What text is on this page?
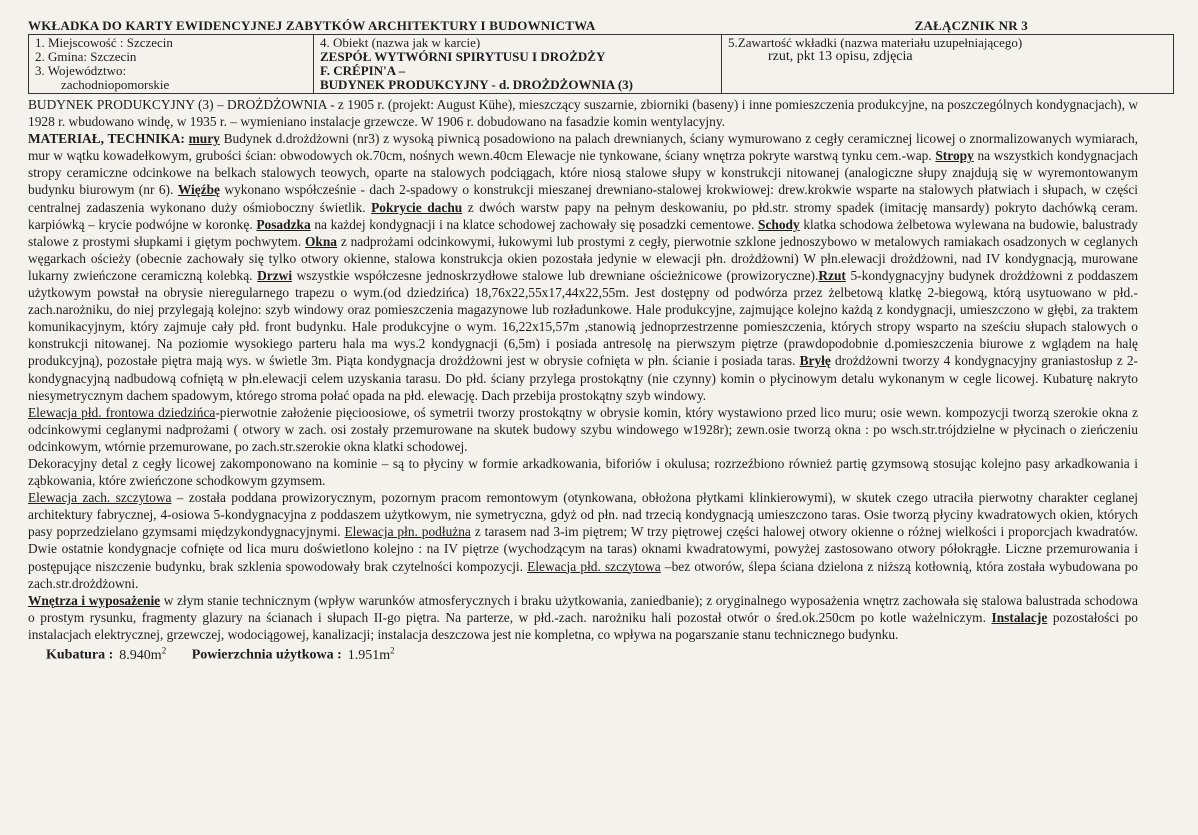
WKŁADKA DO KARTY EWIDENCYJNEJ ZABYTKÓW ARCHITEKTURY I BUDOWNICTWA	ZAŁĄCZNIK NR 3
1. Miejscowość : Szczecin
2. Gmina: Szczecin
3. Województwo:
zachodniopomorskie

4. Obiekt (nazwa jak w karcie)
ZESPÓŁ WYTWÓRNI SPIRYTUSU I DROŻDŻY
F. CRÉPIN'A –
BUDYNEK PRODUKCYJNY - d. DROŻDŻOWNIA (3)

5.Zawartość wkładki (nazwa materiału uzupełniającego)
rzut, pkt 13 opisu, zdjęcia

BUDYNEK PRODUKCYJNY (3) – DROŻDŻOWNIA - z 1905 r. (projekt: August Kühe), mieszczący suszarnie, zbiorniki (baseny) i inne pomieszczenia produkcyjne, na poszczególnych kondygnacjach), w 1928 r. wbudowano windę, w 1935 r. – wymieniano instalacje grzewcze. W 1906 r. dobudowano na fasadzie komin wentylacyjny.

MATERIAŁ, TECHNIKA: mury Budynek d.drożdżowni (nr3) z wysoką piwnicą posadowiono na palach drewnianych, ściany wymurowano z cegły ceramicznej licowej o znormalizowanych wymiarach, mur w wątku kowadełkowym, grubości ścian: obwodowych ok.70cm, nośnych wewn.40cm Elewacje nie tynkowane, ściany wnętrza pokryte warstwą tynku cem.-wap. Stropy na wszystkich kondygnacjach stropy ceramiczne odcinkowe na belkach stalowych teowych, oparte na stalowych podciągach, które niosą stalowe słupy w konstrukcji nitowanej (analogiczne słupy znajdują się w wyremontowanym budynku biurowym (nr 6). Więźbę wykonano współcześnie - dach 2-spadowy o konstrukcji mieszanej drewniano-stalowej krokwiowej: drew.krokwie wsparte na stalowych płatwiach i słupach, w części centralnej zadaszenia wykonano duży ośmioboczny świetlik. Pokrycie dachu z dwóch warstw papy na pełnym deskowaniu, po płd.str. stromy spadek (imitację mansardy) pokryto dachówką ceram. karpiówką – krycie podwójne w koronkę. Posadzka na każdej kondygnacji i na klatce schodowej zachowały się posadzki cementowe. Schody klatka schodowa żelbetowa wylewana na budowie, balustrady stalowe z prostymi słupkami i giętym pochwytem. Okna z nadprożami odcinkowymi, łukowymi lub prostymi z cegły, pierwotnie szklone jednoszybowo w metalowych ramiakach osadzonych w ceglanych węgarkach ościeży (obecnie zachowały się tylko otwory okienne, stalowa konstrukcja okien pozostała jedynie w elewacji płn. drożdżowni) W płn.elewacji drożdżowni, nad IV kondygnacją, murowane lukarny zwieńczone ceramiczną kolebką. Drzwi wszystkie współczesne jednoskrzydłowe stalowe lub drewniane ościeżnicowe (prowizoryczne).Rzut 5-kondygnacyjny budynek drożdżowni z poddaszem użytkowym powstał na obrysie nieregularnego trapezu o wym.(od dziedzińca) 18,76x22,55x17,44x22,55m. Jest dostępny od podwórza przez żelbetową klatkę 2-biegową, którą usytuowano w płd.-zach.narożniku, do niej przylegają kolejno: szyb windowy oraz pomieszczenia magazynowe lub rozładunkowe. Hale produkcyjne, zajmujące kolejno każdą z kondygnacji, umieszczono w głębi, za traktem komunikacyjnym, który zajmuje cały płd. front budynku. Hale produkcyjne o wym. 16,22x15,57m ,stanowią jednoprzestrzenne pomieszczenia, których stropy wsparto na sześciu słupach stalowych o konstrukcji nitowanej. Na poziomie wysokiego parteru hala ma wys.2 kondygnacji (6,5m) i posiada antresolę na pierwszym piętrze (prawdopodobnie d.pomieszczenia biurowe z wglądem na halę produkcyjną), pozostałe piętra mają wys. w świetle 3m. Piąta kondygnacja drożdżowni jest w obrysie cofnięta w płn. ścianie i posiada taras. Bryłę drożdżowni tworzy 4 kondygnacyjny graniastosłup z 2-kondygnacyjną nadbudową cofniętą w płn.elewacji celem uzyskania tarasu. Do płd. ściany przylega prostokątny (nie czynny) komin o płycinowym detalu wykonanym w cegle licowej. Kubaturę nakryto niesymetrycznym dachem spadowym, którego stroma połać opada na płd. elewację. Dach przebija prostokątny szyb windowy.

Elewacja płd. frontowa dziedzińca-pierwotnie założenie pięcioosiowe, oś symetrii tworzy prostokątny w obrysie komin, który wystawiono przed lico muru; osie wewn. kompozycji tworzą szerokie okna z odcinkowymi ceglanymi nadprożami ( otwory w zach. osi zostały przemurowane na skutek budowy szybu windowego w1928r); zewn.osie tworzą okna : po wsch.str.trójdzielne w płycinach o zieńczeniu odcinkowym, wtórnie przemurowane, po zach.str.szerokie okna klatki schodowej.

Dekoracyjny detal z cegły licowej zakomponowano na kominie – są to płyciny w formie arkadkowania, biforiów i okulusa; rozrzeźbiono również partię gzymsową stosując kolejno pasy arkadkowania i ząbkowania, które zwieńczone schodkowym gzymsem.

Elewacja zach. szczytowa – została poddana prowizorycznym, pozornym pracom remontowym (otynkowana, obłożona płytkami klinkierowymi), w skutek czego utraciła pierwotny charakter ceglanej architektury fabrycznej, 4-osiowa 5-kondygnacyjna z poddaszem użytkowym, nie symetryczna, gdyż od płn. nad trzecią kondygnacją umieszczono taras. Osie tworzą płyciny kwadratowych okien, których pasy poprzedzielano gzymsami międzykondygnacyjnymi. Elewacja płn. podłużna z tarasem nad 3-im piętrem; W trzy piętrowej części halowej otwory okienne o różnej wielkości i proporcjach kwadratów. Dwie ostatnie kondygnacje cofnięte od lica muru doświetlono kolejno : na IV piętrze (wychodzącym na taras) oknami kwadratowymi, powyżej zastosowano otwory półokrągłe. Liczne przemurowania i postępujące niszczenie budynku, brak szklenia spowodowały brak czytelności kompozycji. Elewacja płd. szczytowa –bez otworów, ślepa ściana dzielona z niższą kotłownią, która została wybudowana po zach.str.drożdżowni.

Wnętrza i wyposażenie w złym stanie technicznym (wpływ warunków atmosferycznych i braku użytkowania, zaniedbanie); z oryginalnego wyposażenia wnętrz zachowała się stalowa balustrada schodowa o prostym rysunku, fragmenty glazury na ścianach i słupach II-go piętra. Na parterze, w płd.-zach. narożniku hali pozostał otwór o śred.ok.250cm po kotle ważelniczym. Instalacje pozostałości po instalacjach elektrycznej, grzewczej, wodociągowej, kanalizacji; instalacja deszczowa jest nie kompletna, co wpływa na pogarszanie stanu technicznego budynku.

Kubatura : $8.940m^2$ Powierzchnia użytkowa : $1.951m^2$
